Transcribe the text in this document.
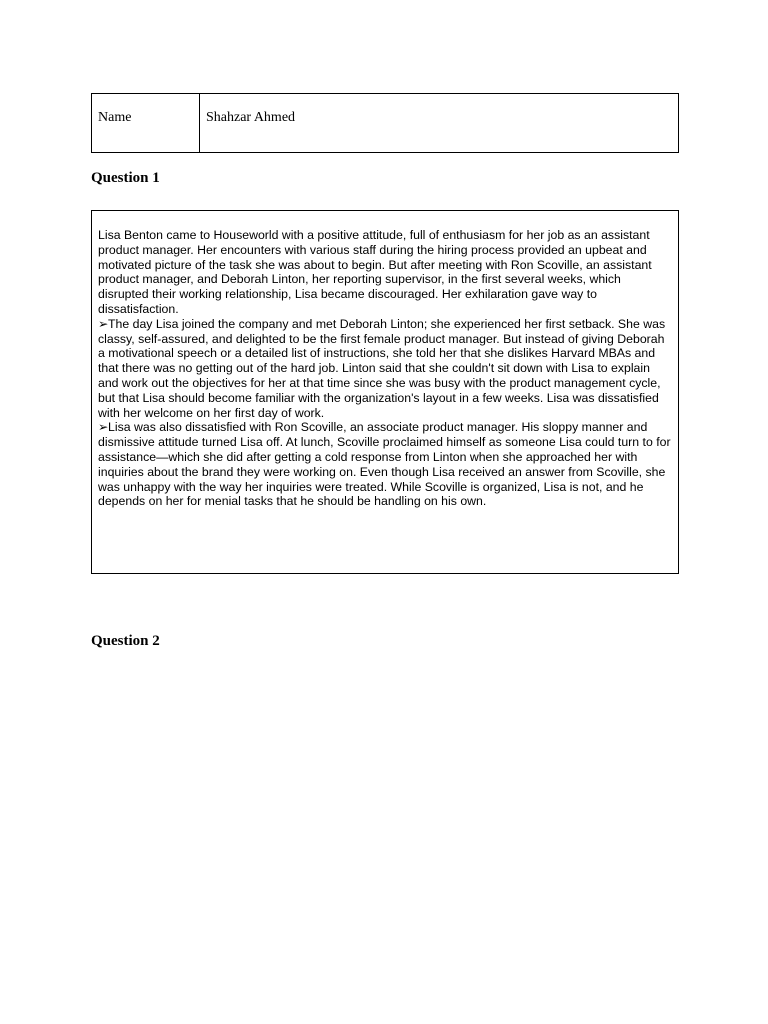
Name	Shahzar Ahmed
Question 1

Lisa Benton came to Houseworld with a positive attitude, full of enthusiasm for her job as an assistant product manager. Her encounters with various staff during the hiring process provided an upbeat and motivated picture of the task she was about to begin. But after meeting with Ron Scoville, an assistant product manager, and Deborah Linton, her reporting supervisor, in the first several weeks, which disrupted their working relationship, Lisa became discouraged. Her exhilaration gave way to dissatisfaction.

➢The day Lisa joined the company and met Deborah Linton; she experienced her first setback. She was classy, self-assured, and delighted to be the first female product manager. But instead of giving Deborah a motivational speech or a detailed list of instructions, she told her that she dislikes Harvard MBAs and that there was no getting out of the hard job. Linton said that she couldn't sit down with Lisa to explain and work out the objectives for her at that time since she was busy with the product management cycle, but that Lisa should become familiar with the organization's layout in a few weeks. Lisa was dissatisfied with her welcome on her first day of work.

➢Lisa was also dissatisfied with Ron Scoville, an associate product manager. His sloppy manner and dismissive attitude turned Lisa off. At lunch, Scoville proclaimed himself as someone Lisa could turn to for assistance—which she did after getting a cold response from Linton when she approached her with inquiries about the brand they were working on. Even though Lisa received an answer from Scoville, she was unhappy with the way her inquiries were treated. While Scoville is organized, Lisa is not, and he depends on her for menial tasks that he should be handling on his own.

Question 2
